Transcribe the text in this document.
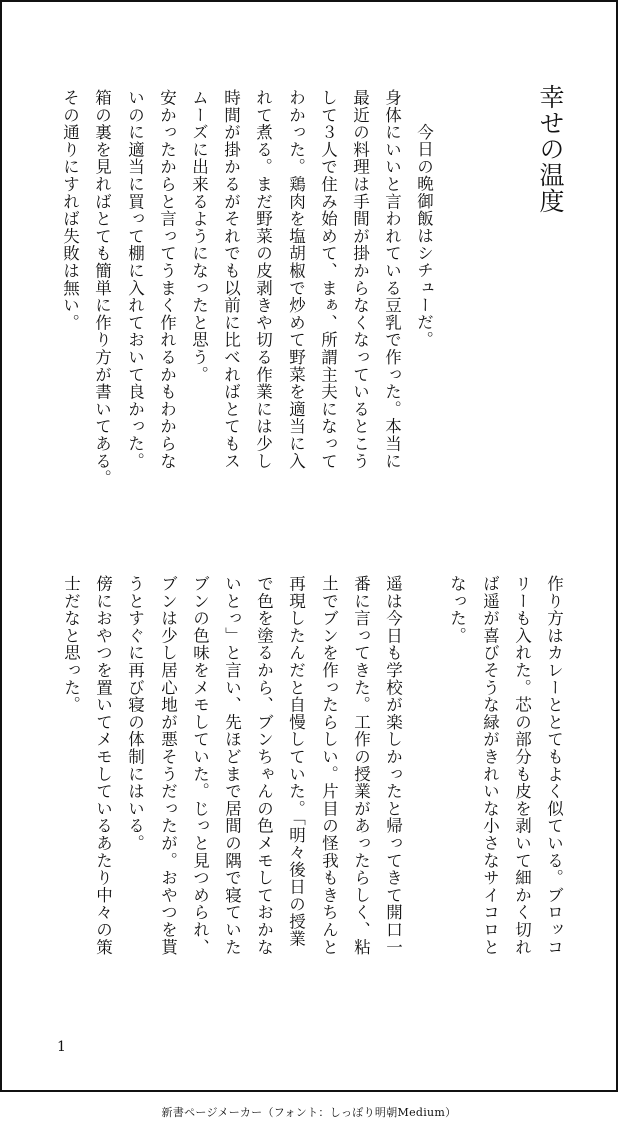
幸せの温度
　今日の晩御飯はシチューだ。
身体にいいと言われている豆乳で作った。本当に
最近の料理は手間が掛からなくなっているとこう
して３人で住み始めて、まぁ、所謂主夫になって
わかった。鶏肉を塩胡椒で炒めて野菜を適当に入
れて煮る。まだ野菜の皮剥きや切る作業には少し
時間が掛かるがそれでも以前に比べればとてもス
ムーズに出来るようになったと思う。
安かったからと言ってうまく作れるかもわからな
いのに適当に買って棚に入れておいて良かった。
箱の裏を見ればとても簡単に作り方が書いてある。
その通りにすれば失敗は無い。
作り方はカレーととてもよく似ている。ブロッコ
リーも入れた。芯の部分も皮を剥いて細かく切れ
ば遥が喜びそうな緑がきれいな小さなサイコロと
なった。
遥は今日も学校が楽しかったと帰ってきて開口一
番に言ってきた。工作の授業があったらしく、粘
土でブンを作ったらしい。片目の怪我もきちんと
再現したんだと自慢していた。「明々後日の授業
で色を塗るから、ブンちゃんの色メモしておかな
いとっ」と言い、先ほどまで居間の隅で寝ていた
ブンの色味をメモしていた。じっと見つめられ、
ブンは少し居心地が悪そうだったが。おやつを貰
うとすぐに再び寝の体制にはいる。
傍におやつを置いてメモしているあたり中々の策
士だなと思った。
1
新書ページメーカー（フォント：しっぽり明朝Medium）
